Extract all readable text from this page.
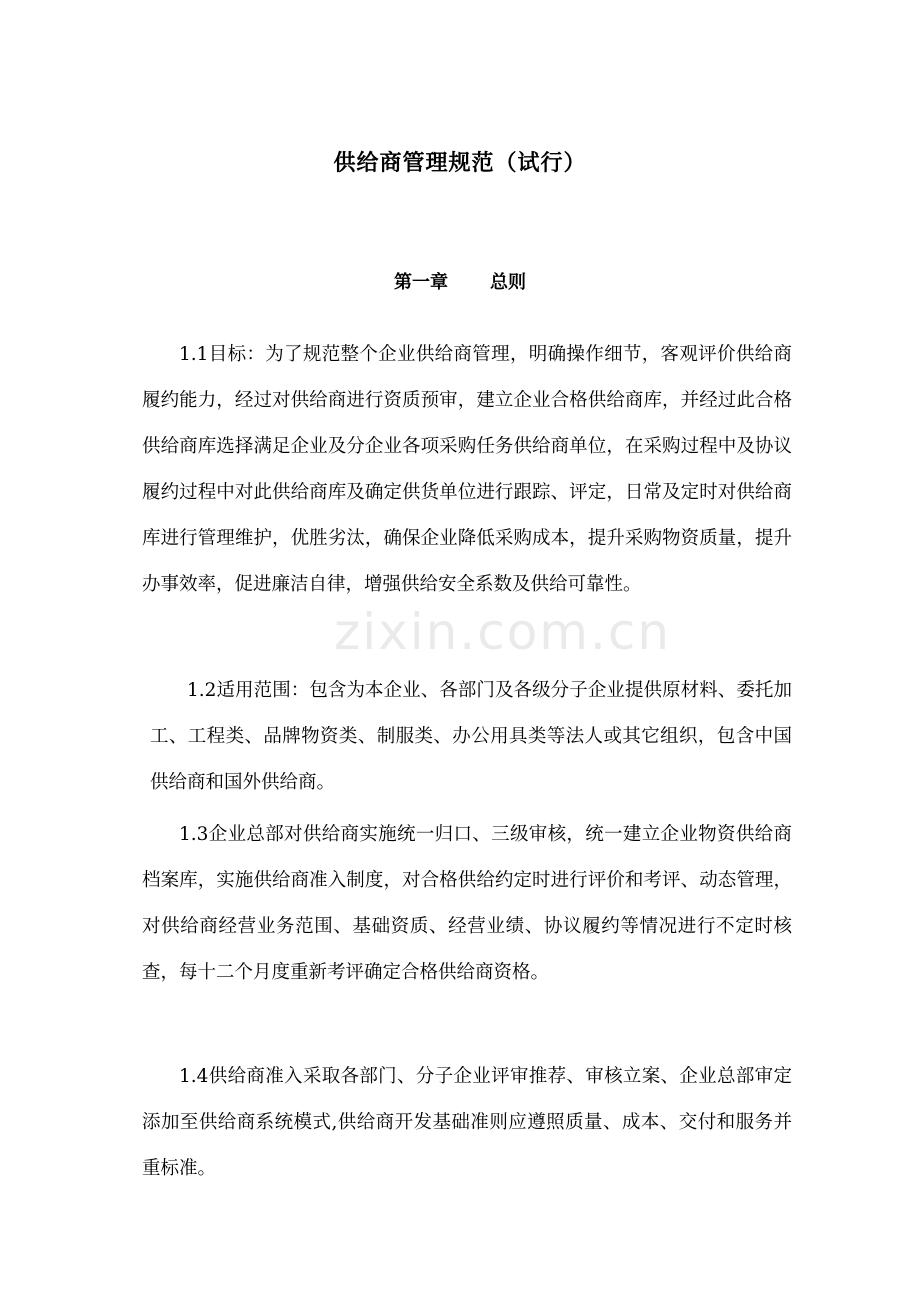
供给商管理规范（试行）
第一章 总则

1.1目标：为了规范整个企业供给商管理，明确操作细节，客观评价供给商履约能力，经过对供给商进行资质预审，建立企业合格供给商库，并经过此合格供给商库选择满足企业及分企业各项采购任务供给商单位，在采购过程中及协议履约过程中对此供给商库及确定供货单位进行跟踪、评定，日常及定时对供给商库进行管理维护，优胜劣汰，确保企业降低采购成本，提升采购物资质量，提升办事效率，促进廉洁自律，增强供给安全系数及供给可靠性。

1.2适用范围：包含为本企业、各部门及各级分子企业提供原材料、委托加工、工程类、品牌物资类、制服类、办公用具类等法人或其它组织，包含中国供给商和国外供给商。

1.3企业总部对供给商实施统一归口、三级审核，统一建立企业物资供给商档案库，实施供给商准入制度，对合格供给约定时进行评价和考评、动态管理， 对供给商经营业务范围、基础资质、经营业绩、协议履约等情况进行不定时核查，每十二个月度重新考评确定合格供给商资格。

1.4供给商准入采取各部门、分子企业评审推荐、审核立案、企业总部审定添加至供给商系统模式,供给商开发基础准则应遵照质量、成本、交付和服务并重标准。

zixin.com.cn
